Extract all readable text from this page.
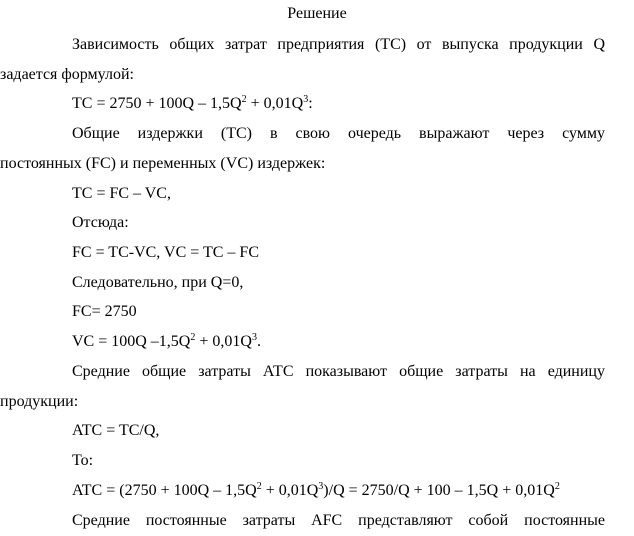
Решение
Зависимость общих затрат предприятия (ТС) от выпуска продукции Q
задается формулой:
ТС = $2750 + 100Q - 1,5Q^2 + 0,01Q^3$:
Общие издержки (ТС) в свою очередь выражают через сумму
постоянных (FC) и переменных (VC) издержек:
TC = FC – VC,
Отсюда:
FC = TC-VC, VC = TC – FC
Следовательно, при Q=0,
FC= 2750
VC = 100Q $-1,5Q^2 + 0,01Q^3$.
Средние общие затраты АТС показывают общие затраты на единицу
продукции:
ATC = TC/Q,
То:
ATC = $(2750 + 100Q - 1,5Q^2 + 0,01Q^3)/Q = 2750/Q + 100 - 1,5Q + 0,01Q^2$
Средние постоянные затраты AFC представляют собой постоянные
